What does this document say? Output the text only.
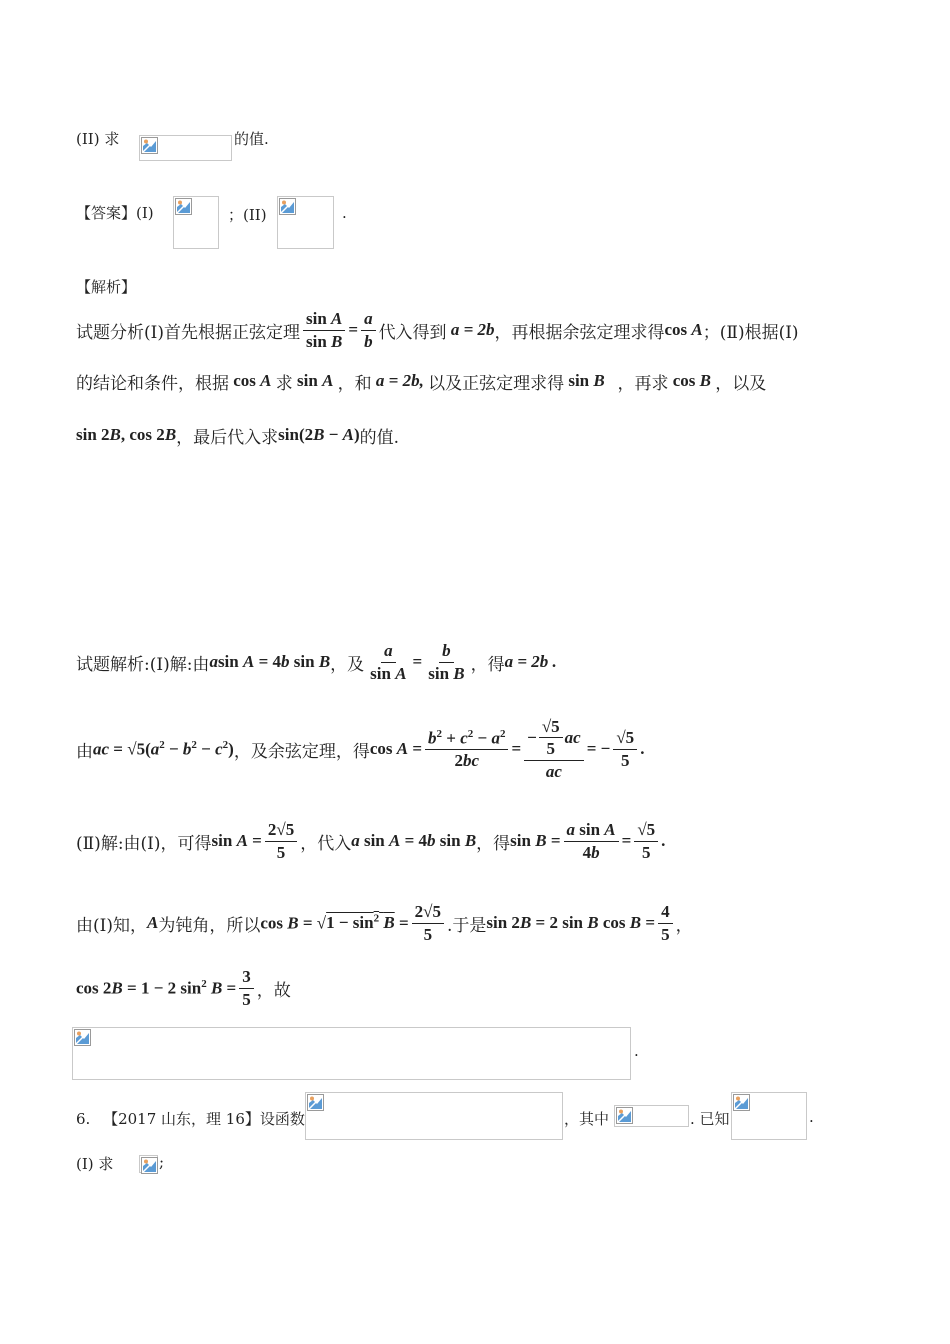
(II) 求	的值.
【答案】(I)	；(II)	.
【解析】
试题分析(Ⅰ)首先根据正弦定理 $\frac{\text{sin A}}{\text{sin B}} = \frac{a}{b}$ 代入得到 a = 2b ，再根据余弦定理求得 cos A ；(Ⅱ)根据(Ⅰ)
的结论和条件，根据 cos A 求 sin A ，和 a = 2b, 以及正弦定理求得 sin B ，再求 cos B ，以及
sin 2B, cos 2B ，最后代入求 sin(2B − A) 的值.
试题解析:(Ⅰ)解:由 a sin A = 4b sin B ，及 $\frac{a}{\text{sin A}} = \frac{b}{\text{sin B}}$ ，得 a = 2b .
由 ac = $√5(a^2 - b^2 - c^2)$ ，及余弦定理，得 $\cos A = \frac{b^2 + c^2 - a^2}{2bc} = \frac{- \frac{√5}{5} ac}{ac}$ = − $\frac{√5}{5}$ .
(Ⅱ)解:由(Ⅰ)，可得 $\sin A = \frac{2√5}{5}$ ，代入 a sin A = 4b sin B ，得 $\sin B = \frac{\text{a sin A}}{4b} = \frac{√5}{5}$ .
由(Ⅰ)知， A 为钝角，所以 $\cos B = √1 - \sin^2 B = \frac{2√5}{5}$ .于是 sin 2B = 2 sin B $\cos B = \frac{4}{5}$ ，
cos 2B = 1 − 2 $\sin^2 B = \frac{3}{5}$ ，故
.
6. 【2017 山东，理 16】设函数	，其中	. 已知	.
(Ⅰ) 求	;
